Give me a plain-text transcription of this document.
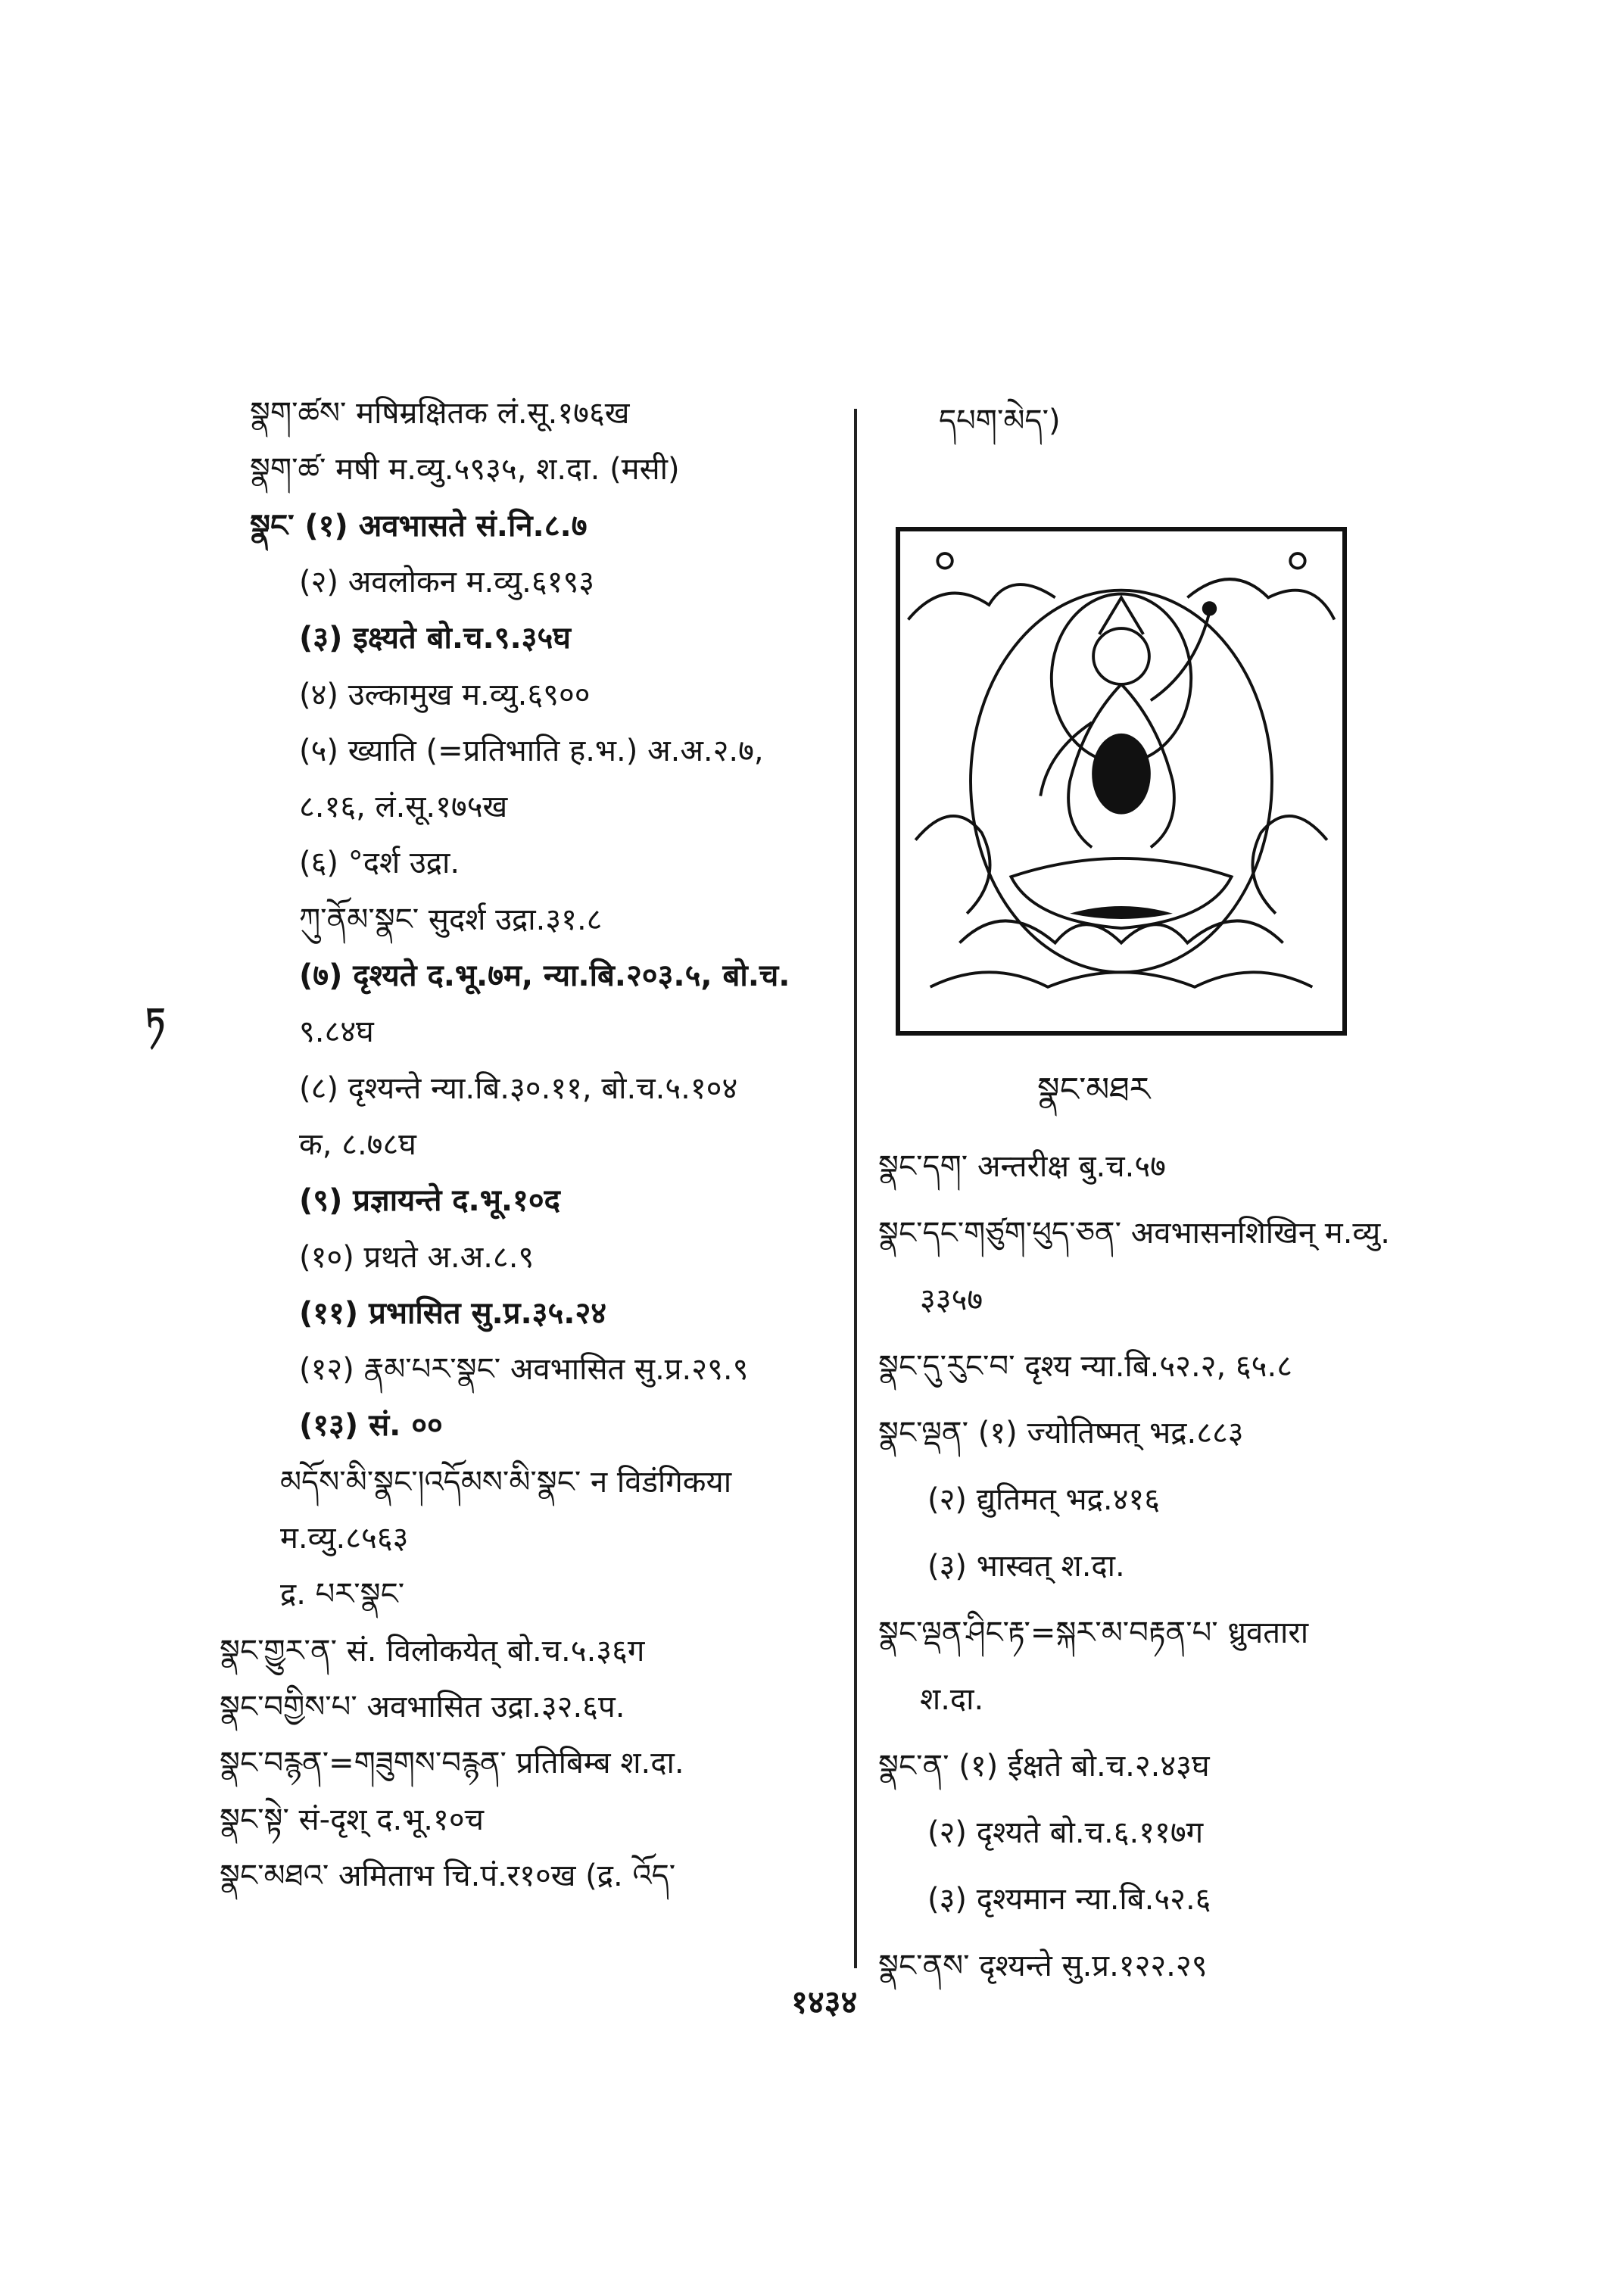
སྣག་ཚས་ मषिम्रक्षितक लं.सू.१७६ख
སྣག་ཚ་ मषी म.व्यु.५९३५, श.दा. (मसी)
སྣང་ (१) अवभासते सं.नि.८.७
(२) अवलोकन म.व्यु.६१९३
(३) इक्ष्यते बो.च.९.३५घ
(४) उल्कामुख म.व्यु.६९००
(५) ख्याति (=प्रतिभाति ह.भ.) अ.अ.२.७,
८.१६, लं.सू.१७५ख
(६) °दर्श उद्रा.
ཀུ་ནོམ་སྣང་ सुदर्श उद्रा.३१.८
(७) दृश्यते द.भू.७म, न्या.बि.२०३.५, बो.च.
९.८४घ
(८) दृश्यन्ते न्या.बि.३०.११, बो.च.५.१०४
क, ८.७८घ
(९) प्रज्ञायन्ते द.भू.१०द
(१०) प्रथते अ.अ.८.९
(११) प्रभासित सु.प्र.३५.२४
(१२) རྣམ་པར་སྣང་ अवभासित सु.प्र.२९.९
(१३) सं. ००
མདོས་མི་སྣང་།འདོམས་མི་སྣང་ न विडंगिकया
म.व्यु.८५६३
द्र. པར་སྣང་
སྣང་གྱུར་ན་ सं. विलोकयेत् बो.च.५.३६ग
སྣང་བགྱིས་པ་ अवभासित उद्रा.३२.६प.
སྣང་བརྙན་=གཟུགས་བརྙན་ प्रतिबिम्ब श.दा.
སྣང་སྟེ་ सं-दृश् द.भू.१०च
སྣང་མཐའ་ अमिताभ चि.पं.र१०ख (द्र. འོད་
ཏ
དཔག་མེད་)
སྣང་དག་ अन्तरीक्ष बु.च.५७
སྣང་དང་གཙུག་ཕུད་ཅན་ अवभासनशिखिन् म.व्यु.
३३५७
སྣང་དུ་རུང་བ་ दृश्य न्या.बि.५२.२, ६५.८
སྣང་ལྡན་ (१) ज्योतिष्मत् भद्र.८८३
(२) द्युतिमत् भद्र.४१६
(३) भास्वत् श.दा.
སྣང་ལྡན་ཤིང་རྟ་=སྐར་མ་བརྟན་པ་ ध्रुवतारा
श.दा.
སྣང་ན་ (१) ईक्षते बो.च.२.४३घ
(२) दृश्यते बो.च.६.११७ग
(३) दृश्यमान न्या.बि.५२.६
སྣང་ནས་ दृश्यन्ते सु.प्र.१२२.२९
སྣང་མཐར
१४३४
